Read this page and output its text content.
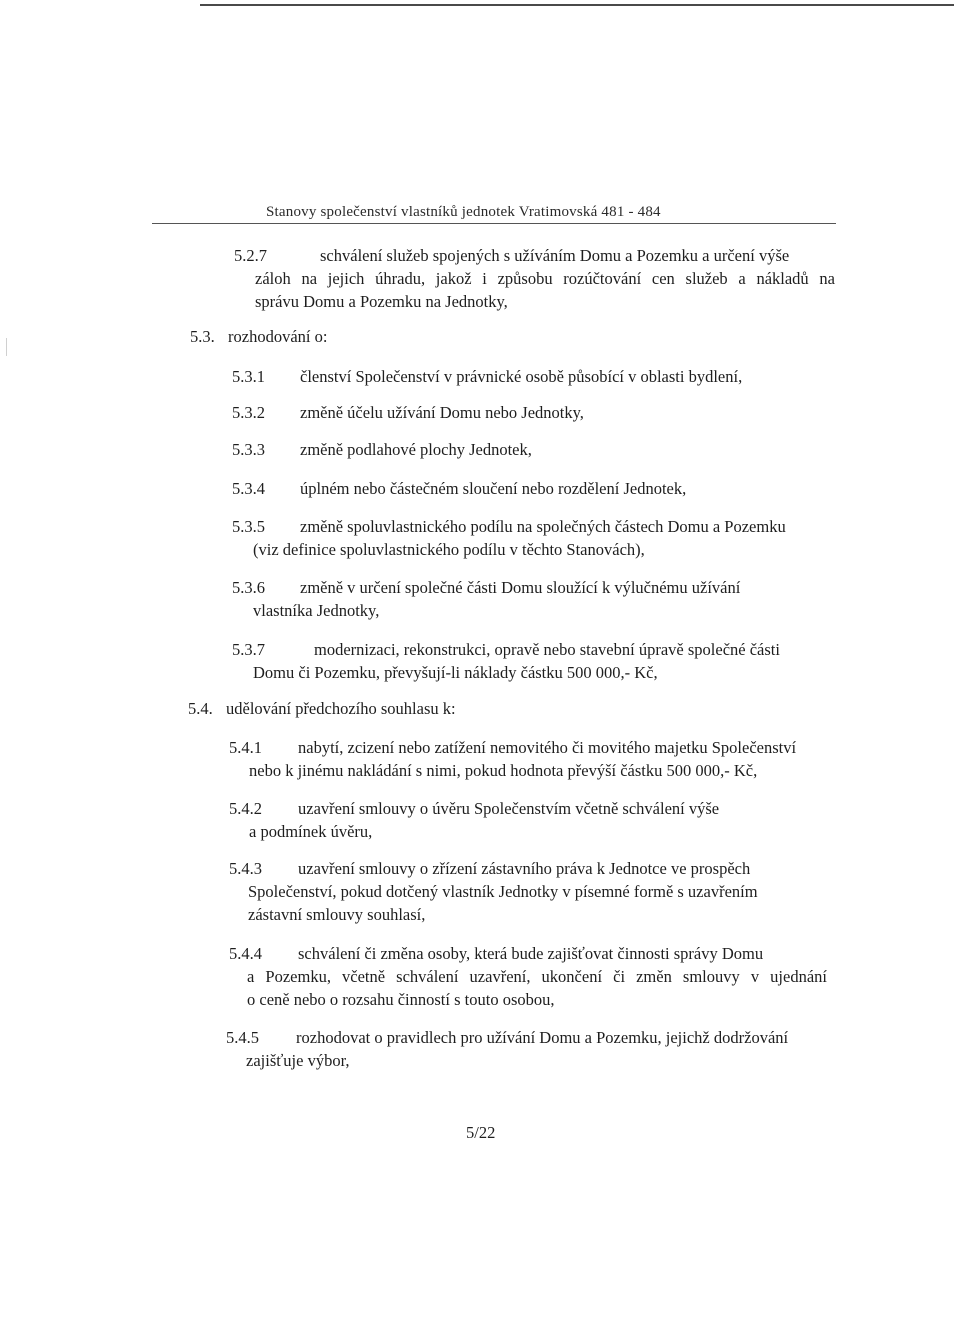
Stanovy společenství vlastníků jednotek Vratimovská 481 - 484
5.2.7	schválení služeb spojených s užíváním Domu a Pozemku a určení výše
záloh na jejich úhradu, jakož i způsobu rozúčtování cen služeb a nákladů na
správu Domu a Pozemku na Jednotky,
5.3. rozhodování o:
5.3.1 členství Společenství v právnické osobě působící v oblasti bydlení,
5.3.2 změně účelu užívání Domu nebo Jednotky,
5.3.3 změně podlahové plochy Jednotek,
5.3.4 úplném nebo částečném sloučení nebo rozdělení Jednotek,
5.3.5 změně spoluvlastnického podílu na společných částech Domu a Pozemku
(viz definice spoluvlastnického podílu v těchto Stanovách),
5.3.6 změně v určení společné části Domu sloužící k výlučnému užívání
vlastníka Jednotky,
5.3.7	modernizaci, rekonstrukci, opravě nebo stavební úpravě společné části
Domu či Pozemku, převyšují-li náklady částku 500 000,- Kč,
5.4. udělování předchozího souhlasu k:
5.4.1 nabytí, zcizení nebo zatížení nemovitého či movitého majetku Společenství
nebo k jinému nakládání s nimi, pokud hodnota převýší částku 500 000,- Kč,
5.4.2 uzavření smlouvy o úvěru Společenstvím včetně schválení výše
a podmínek úvěru,
5.4.3 uzavření smlouvy o zřízení zástavního práva k Jednotce ve prospěch
Společenství, pokud dotčený vlastník Jednotky v písemné formě s uzavřením
zástavní smlouvy souhlasí,
5.4.4 schválení či změna osoby, která bude zajišťovat činnosti správy Domu
a Pozemku, včetně schválení uzavření, ukončení či změn smlouvy v ujednání
o ceně nebo o rozsahu činností s touto osobou,
5.4.5 rozhodovat o pravidlech pro užívání Domu a Pozemku, jejichž dodržování
zajišťuje výbor,
5/22
